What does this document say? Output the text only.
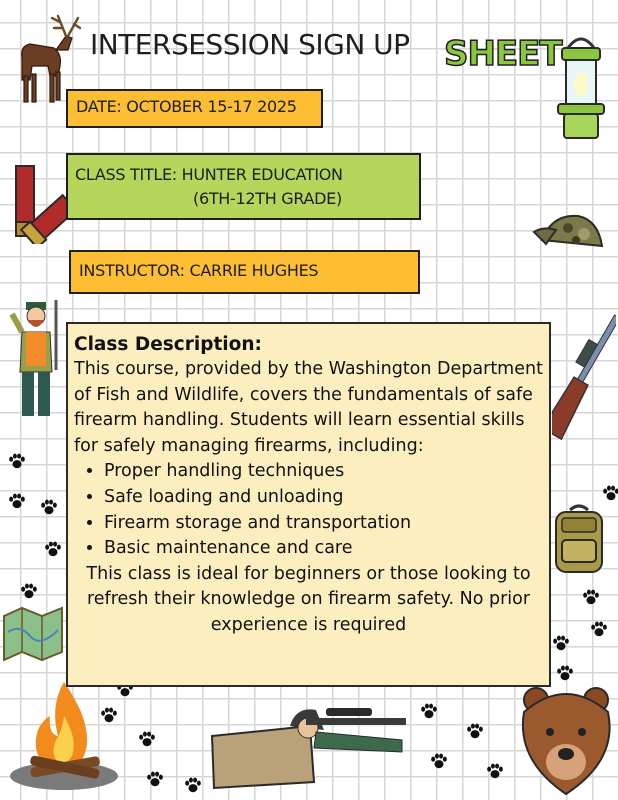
INTERSESSION SIGN UP SHEET
DATE: OCTOBER 15-17 2025
CLASS TITLE: HUNTER EDUCATION
(6TH-12TH GRADE)
INSTRUCTOR: CARRIE HUGHES
Class Description:

This course, provided by the Washington Department of Fish and Wildlife, covers the fundamentals of safe firearm handling. Students will learn essential skills for safely managing firearms, including:

• Proper handling techniques
• Safe loading and unloading
• Firearm storage and transportation
• Basic maintenance and care

This class is ideal for beginners or those looking to refresh their knowledge on firearm safety. No prior experience is required
